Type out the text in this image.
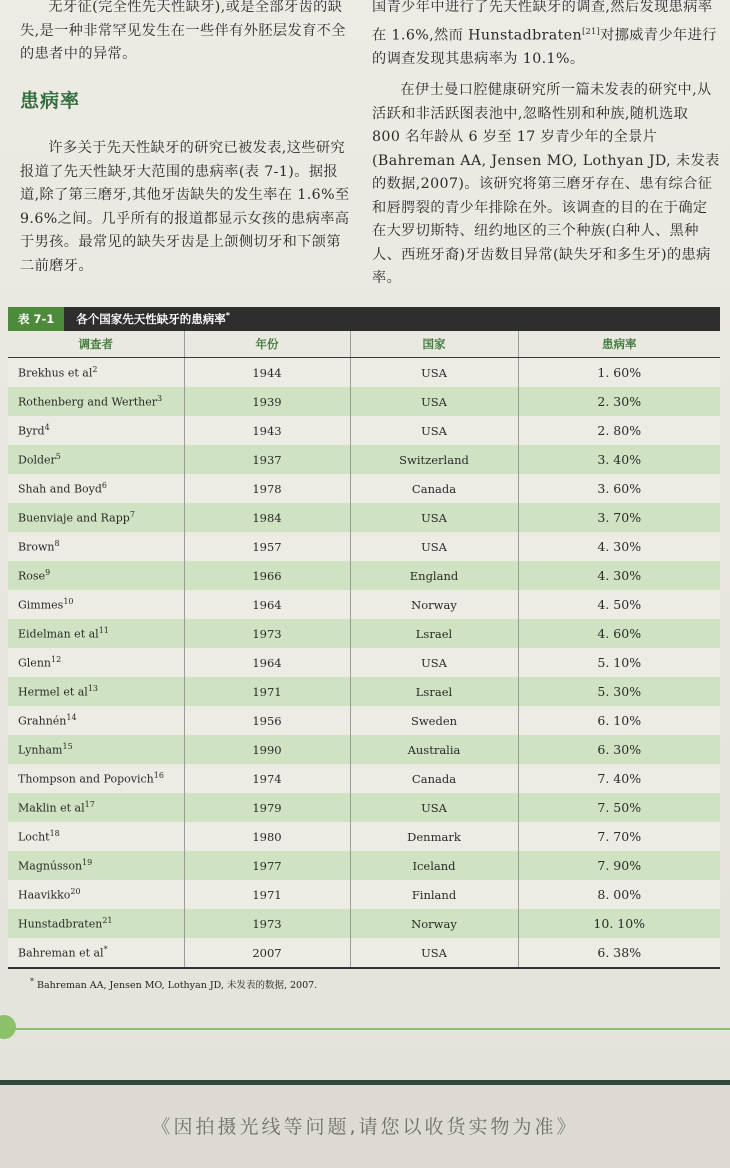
无牙征(完全性先天性缺牙),或是全部牙齿的缺失,是一种非常罕见发生在一些伴有外胚层发育不全的患者中的异常。

患病率

许多关于先天性缺牙的研究已被发表,这些研究报道了先天性缺牙大范围的患病率(表 7-1)。据报道,除了第三磨牙,其他牙齿缺失的发生率在 1.6%至 9.6%之间。几乎所有的报道都显示女孩的患病率高于男孩。最常见的缺失牙齿是上颌侧切牙和下颌第二前磨牙。

国青少年中进行了先天性缺牙的调查,然后发现患病率在 1.6%,然而 Hunstadbraten[21]对挪威青少年进行的调查发现其患病率为 10.1%。

在伊士曼口腔健康研究所一篇未发表的研究中,从活跃和非活跃图表池中,忽略性别和种族,随机选取 800 名年龄从 6 岁至 17 岁青少年的全景片(Bahreman AA, Jensen MO, Lothyan JD, 未发表的数据,2007)。该研究将第三磨牙存在、患有综合征和唇腭裂的青少年排除在外。该调查的目的在于确定在大罗切斯特、纽约地区的三个种族(白种人、黑种人、西班牙裔)牙齿数目异常(缺失牙和多生牙)的患病率。

表 7-1	各个国家先天性缺牙的患病率*
调查者	年份	国家	患病率
Brekhus et $al^2$	1944	USA	1. 60%
Rothenberg and Werther$^3$	1939	USA	2. 30%
Byrd$^4$	1943	USA	2. 80%
Dolder$^5$	1937	Switzerland	3. 40%
Shah and Boyd$^6$	1978	Canada	3. 60%
Buenviaje and Rapp$^7$	1984	USA	3. 70%
Brown$^8$	1957	USA	4. 30%
Rose$^9$	1966	England	4. 30%
Gimmes$^{10}$	1964	Norway	4. 50%
Eidelman et $al^{11}$	1973	Lsrael	4. 60%
Glenn$^{12}$	1964	USA	5. 10%
Hermel et $al^{13}$	1971	Lsrael	5. 30%
Grahnén$^{14}$	1956	Sweden	6. 10%
Lynham$^{15}$	1990	Australia	6. 30%
Thompson and Popovich$^{16}$	1974	Canada	7. 40%
Maklin et $al^{17}$	1979	USA	7. 50%
Locht$^{18}$	1980	Denmark	7. 70%
Magnússon$^{19}$	1977	Iceland	7. 90%
Haavikko$^{20}$	1971	Finland	8. 00%
Hunstadbraten$^{21}$	1973	Norway	10. 10%
Bahreman et al*	2007	USA	6. 38%
* Bahreman AA, Jensen MO, Lothyan JD, 未发表的数据, 2007.
《因拍摄光线等问题,请您以收货实物为准》
